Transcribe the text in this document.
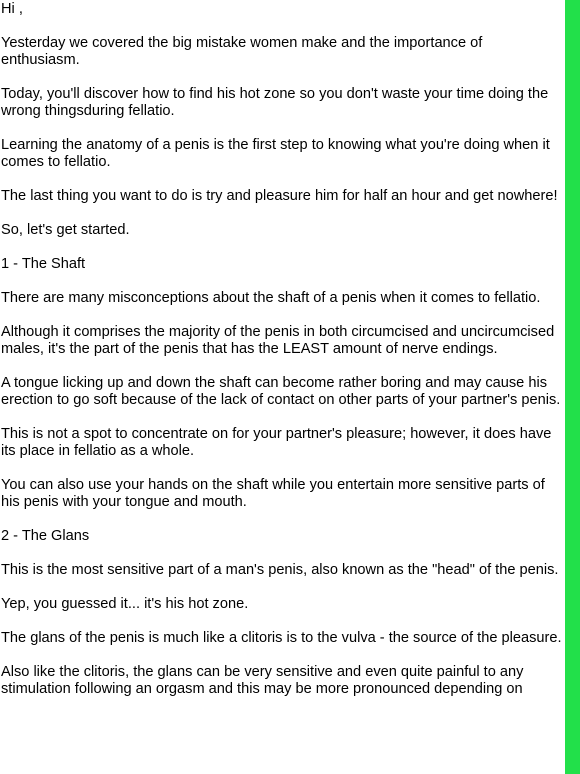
Hi ,

Yesterday we covered the big mistake women make and the importance of enthusiasm.

Today, you'll discover how to find his hot zone so you don't waste your time doing the wrong thingsduring fellatio.

Learning the anatomy of a penis is the first step to knowing what you're doing when it comes to fellatio.

The last thing you want to do is try and pleasure him for half an hour and get nowhere!

So, let's get started.

1 - The Shaft

There are many misconceptions about the shaft of a penis when it comes to fellatio.

Although it comprises the majority of the penis in both circumcised and uncircumcised males, it's the part of the penis that has the LEAST amount of nerve endings.

A tongue licking up and down the shaft can become rather boring and may cause his erection to go soft because of the lack of contact on other parts of your partner's penis.

This is not a spot to concentrate on for your partner's pleasure; however, it does have its place in fellatio as a whole.

You can also use your hands on the shaft while you entertain more sensitive parts of his penis with your tongue and mouth.

2 - The Glans

This is the most sensitive part of a man's penis, also known as the "head" of the penis.

Yep, you guessed it... it's his hot zone.

The glans of the penis is much like a clitoris is to the vulva - the source of the pleasure.

Also like the clitoris, the glans can be very sensitive and even quite painful to any stimulation following an orgasm and this may be more pronounced depending on
